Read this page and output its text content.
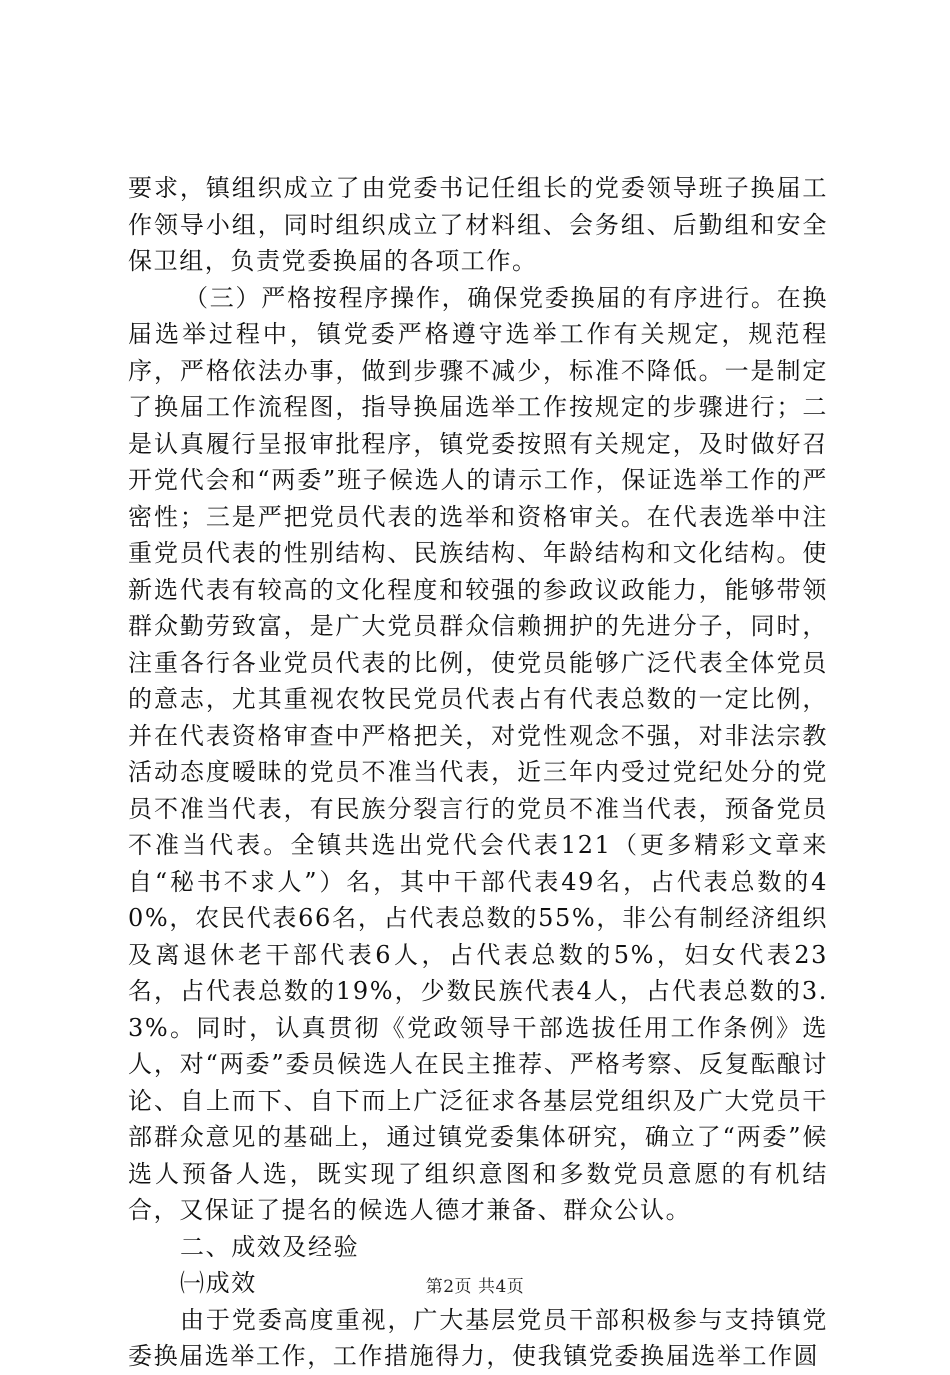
要求，镇组织成立了由党委书记任组长的党委领导班子换届工作领导小组，同时组织成立了材料组、会务组、后勤组和安全保卫组，负责党委换届的各项工作。

（三）严格按程序操作，确保党委换届的有序进行。在换届选举过程中，镇党委严格遵守选举工作有关规定，规范程序，严格依法办事，做到步骤不减少，标准不降低。一是制定了换届工作流程图，指导换届选举工作按规定的步骤进行；二是认真履行呈报审批程序，镇党委按照有关规定，及时做好召开党代会和“两委”班子候选人的请示工作，保证选举工作的严密性；三是严把党员代表的选举和资格审关。在代表选举中注重党员代表的性别结构、民族结构、年龄结构和文化结构。使新选代表有较高的文化程度和较强的参政议政能力，能够带领群众勤劳致富，是广大党员群众信赖拥护的先进分子，同时，注重各行各业党员代表的比例，使党员能够广泛代表全体党员的意志，尤其重视农牧民党员代表占有代表总数的一定比例，并在代表资格审查中严格把关，对党性观念不强，对非法宗教活动态度暧昧的党员不准当代表，近三年内受过党纪处分的党员不准当代表，有民族分裂言行的党员不准当代表，预备党员不准当代表。全镇共选出党代会代表121（更多精彩文章来自“秘书不求人”）名，其中干部代表49名，占代表总数的40%，农民代表66名，占代表总数的55%，非公有制经济组织及离退休老干部代表6人，占代表总数的5%，妇女代表23名，占代表总数的19%，少数民族代表4人，占代表总数的3.3%。同时，认真贯彻《党政领导干部选拔任用工作条例》选人，对“两委”委员候选人在民主推荐、严格考察、反复酝酿讨论、自上而下、自下而上广泛征求各基层党组织及广大党员干部群众意见的基础上，通过镇党委集体研究，确立了“两委”候选人预备人选，既实现了组织意图和多数党员意愿的有机结合，又保证了提名的候选人德才兼备、群众公认。

二、成效及经验

㈠成效

由于党委高度重视，广大基层党员干部积极参与支持镇党委换届选举工作，工作措施得力，使我镇党委换届选举工作圆

第2页 共4页
